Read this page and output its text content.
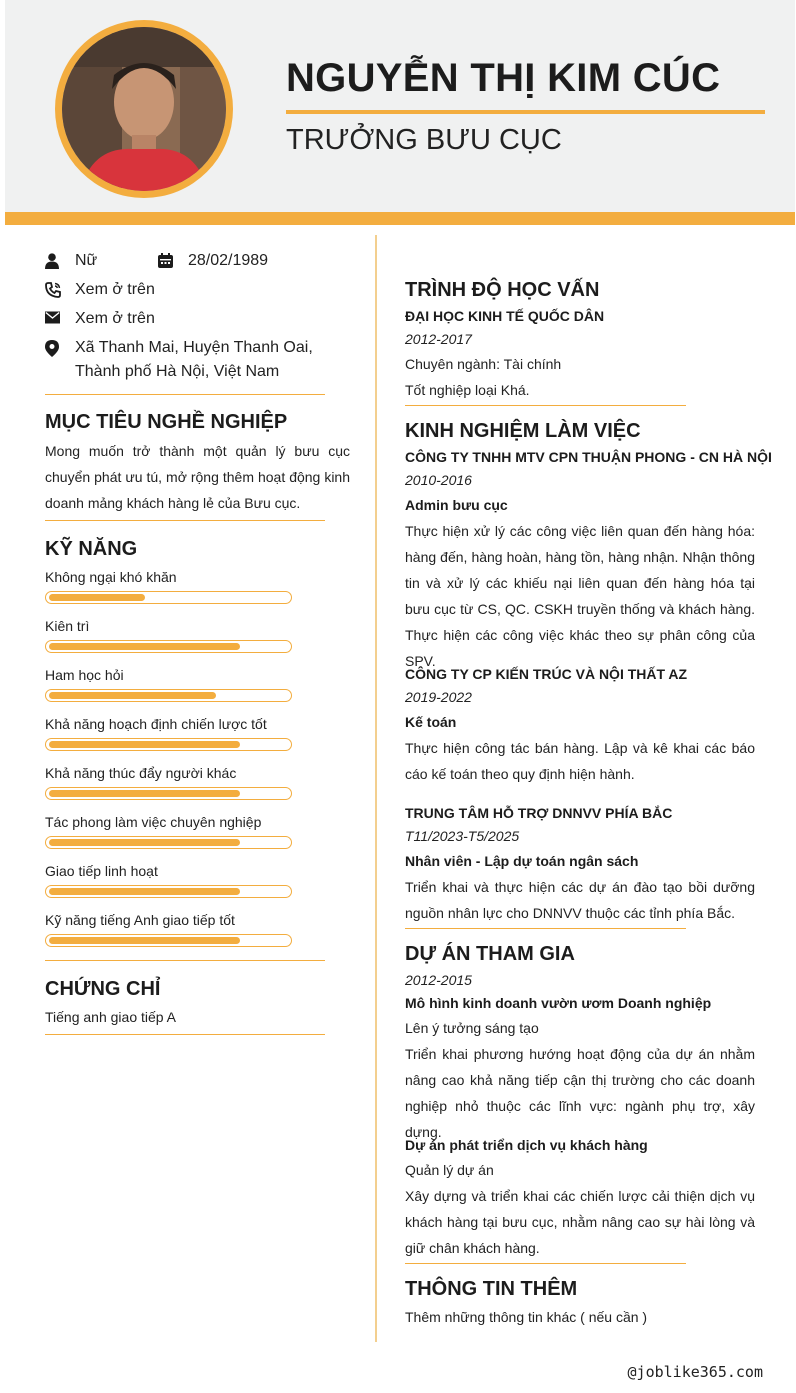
NGUYỄN THỊ KIM CÚC
TRƯỞNG BƯU CỤC
Nữ	28/02/1989
Xem ở trên
Xem ở trên
Xã Thanh Mai, Huyện Thanh Oai, Thành phố Hà Nội, Việt Nam
MỤC TIÊU NGHỀ NGHIỆP
Mong muốn trở thành một quản lý bưu cục chuyển phát ưu tú, mở rộng thêm hoạt động kinh doanh mảng khách hàng lẻ của Bưu cục.
KỸ NĂNG
Không ngại khó khăn
Kiên trì
Ham học hỏi
Khả năng hoạch định chiến lược tốt
Khả năng thúc đẩy người khác
Tác phong làm việc chuyên nghiệp
Giao tiếp linh hoạt
Kỹ năng tiếng Anh giao tiếp tốt
CHỨNG CHỈ
Tiếng anh giao tiếp A
TRÌNH ĐỘ HỌC VẤN
ĐẠI HỌC KINH TẾ QUỐC DÂN
2012-2017
Chuyên ngành: Tài chính
Tốt nghiệp loại Khá.
KINH NGHIỆM LÀM VIỆC
CÔNG TY TNHH MTV CPN THUẬN PHONG - CN HÀ NỘI
2010-2016
Admin bưu cục
Thực hiện xử lý các công việc liên quan đến hàng hóa: hàng đến, hàng hoàn, hàng tồn, hàng nhận. Nhận thông tin và xử lý các khiếu nại liên quan đến hàng hóa tại bưu cục từ CS, QC. CSKH truyền thống và khách hàng. Thực hiện các công việc khác theo sự phân công của SPV.
CÔNG TY CP KIẾN TRÚC VÀ NỘI THẤT AZ
2019-2022
Kế toán
Thực hiện công tác bán hàng. Lập và kê khai các báo cáo kế toán theo quy định hiện hành.
TRUNG TÂM HỖ TRỢ DNNVV PHÍA BẮC
T11/2023-T5/2025
Nhân viên - Lập dự toán ngân sách
Triển khai và thực hiện các dự án đào tạo bồi dưỡng nguồn nhân lực cho DNNVV thuộc các tỉnh phía Bắc.
DỰ ÁN THAM GIA
2012-2015
Mô hình kinh doanh vườn ươm Doanh nghiệp
Lên ý tưởng sáng tạo
Triển khai phương hướng hoạt động của dự án nhằm nâng cao khả năng tiếp cận thị trường cho các doanh nghiệp nhỏ thuộc các lĩnh vực: ngành phụ trợ, xây dựng.
Dự án phát triển dịch vụ khách hàng
Quản lý dự án
Xây dựng và triển khai các chiến lược cải thiện dịch vụ khách hàng tại bưu cục, nhằm nâng cao sự hài lòng và giữ chân khách hàng.
THÔNG TIN THÊM
Thêm những thông tin khác ( nếu cần )
@joblike365.com
